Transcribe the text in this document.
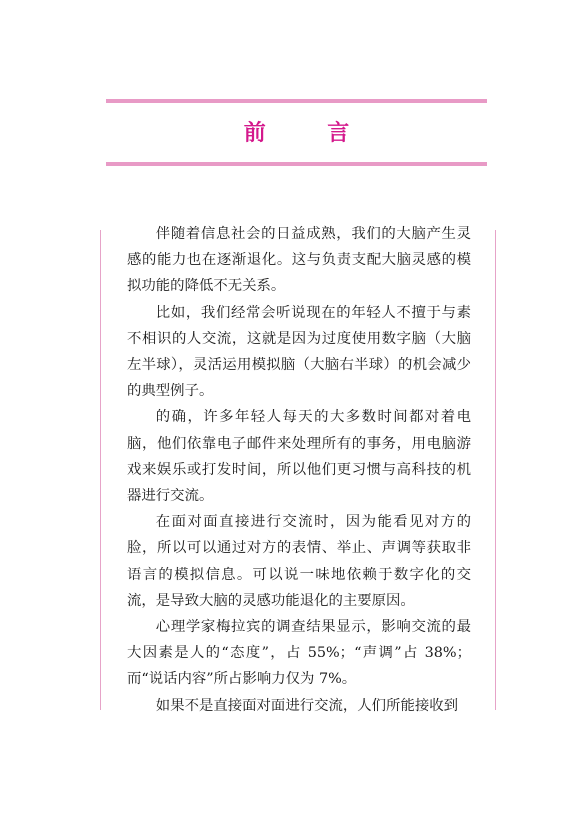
前　言

伴随着信息社会的日益成熟，我们的大脑产生灵感的能力也在逐渐退化。这与负责支配大脑灵感的模拟功能的降低不无关系。

比如，我们经常会听说现在的年轻人不擅于与素不相识的人交流，这就是因为过度使用数字脑（大脑左半球），灵活运用模拟脑（大脑右半球）的机会减少的典型例子。

的确，许多年轻人每天的大多数时间都对着电脑，他们依靠电子邮件来处理所有的事务，用电脑游戏来娱乐或打发时间，所以他们更习惯与高科技的机器进行交流。

在面对面直接进行交流时，因为能看见对方的脸，所以可以通过对方的表情、举止、声调等获取非语言的模拟信息。可以说一味地依赖于数字化的交流，是导致大脑的灵感功能退化的主要原因。

心理学家梅拉宾的调查结果显示，影响交流的最大因素是人的“态度”，占 55%；“声调”占 38%；而“说话内容”所占影响力仅为 7%。

如果不是直接面对面进行交流，人们所能接收到
